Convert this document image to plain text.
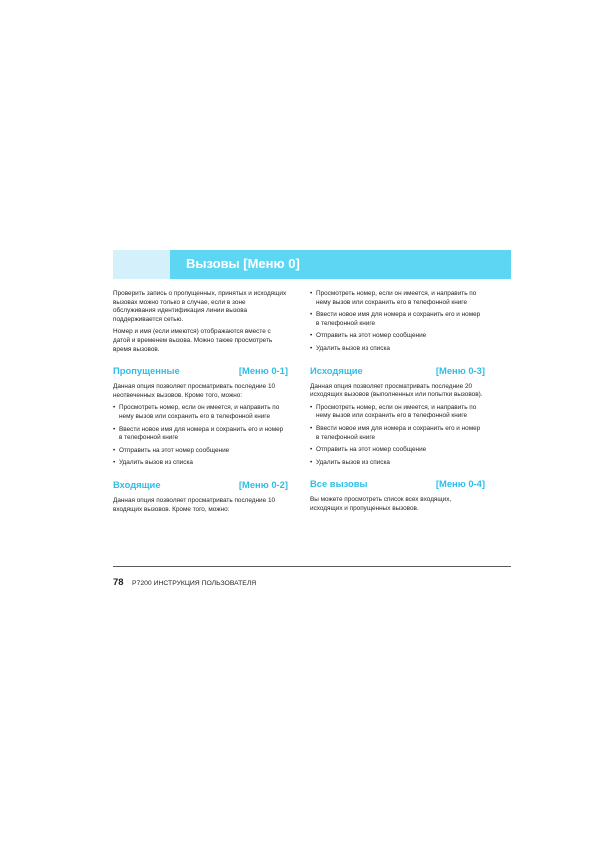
Вызовы [Меню 0]

Проверить запись о пропущенных, принятых и исходящих вызовах можно только в случае, если в зоне обслуживания идентификация линии вызова поддерживается сетью.

Номер и имя (если имеются) отображаются вместе с датой и временем вызова. Можно также просмотреть время вызовов.

Пропущенные	[Меню 0-1]

Данная опция позволяет просматривать последние 10 неотвеченных вызовов. Кроме того, можно:

• Просмотреть номер, если он имеется, и направить по нему вызов или сохранить его в телефонной книге
• Ввести новое имя для номера и сохранить его и номер в телефонной книге
• Отправить на этот номер сообщение
• Удалить вызов из списка
Входящие	[Меню 0-2]

Данная опция позволяет просматривать последние 10 входящих вызовов. Кроме того, можно:

• Просмотреть номер, если он имеется, и направить по нему вызов или сохранить его в телефонной книге
• Ввести новое имя для номера и сохранить его и номер в телефонной книге
• Отправить на этот номер сообщение
• Удалить вызов из списка
Исходящие	[Меню 0-3]

Данная опция позволяет просматривать последние 20 исходящих вызовов (выполненных или попытки вызовов).

• Просмотреть номер, если он имеется, и направить по нему вызов или сохранить его в телефонной книге
• Ввести новое имя для номера и сохранить его и номер в телефонной книге
• Отправить на этот номер сообщение
• Удалить вызов из списка
Все вызовы	[Меню 0-4]

Вы можете просмотреть список всех входящих, исходящих и пропущенных вызовов.

78 P7200 ИНСТРУКЦИЯ ПОЛЬЗОВАТЕЛЯ
